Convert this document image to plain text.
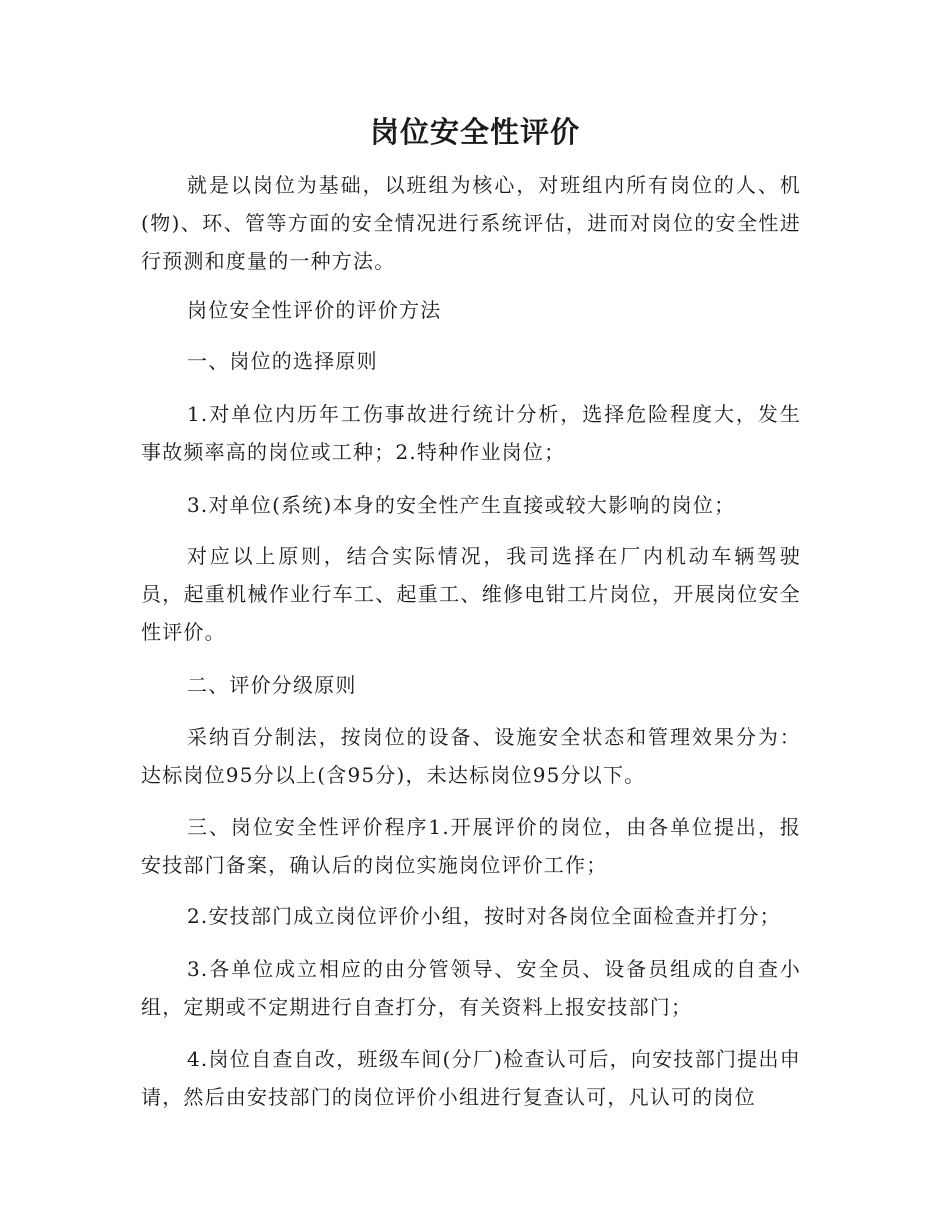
岗位安全性评价

就是以岗位为基础，以班组为核心，对班组内所有岗位的人、机(物)、环、管等方面的安全情况进行系统评估，进而对岗位的安全性进行预测和度量的一种方法。

岗位安全性评价的评价方法

一、岗位的选择原则

1.对单位内历年工伤事故进行统计分析，选择危险程度大，发生事故频率高的岗位或工种；2.特种作业岗位；

3.对单位(系统)本身的安全性产生直接或较大影响的岗位；

对应以上原则，结合实际情况，我司选择在厂内机动车辆驾驶员，起重机械作业行车工、起重工、维修电钳工片岗位，开展岗位安全性评价。

二、评价分级原则

采纳百分制法，按岗位的设备、设施安全状态和管理效果分为：达标岗位95分以上(含95分)，未达标岗位95分以下。

三、岗位安全性评价程序1.开展评价的岗位，由各单位提出，报安技部门备案，确认后的岗位实施岗位评价工作；

2.安技部门成立岗位评价小组，按时对各岗位全面检查并打分；

3.各单位成立相应的由分管领导、安全员、设备员组成的自查小组，定期或不定期进行自查打分，有关资料上报安技部门；

4.岗位自查自改，班级车间(分厂)检查认可后，向安技部门提出申请，然后由安技部门的岗位评价小组进行复查认可，凡认可的岗位
